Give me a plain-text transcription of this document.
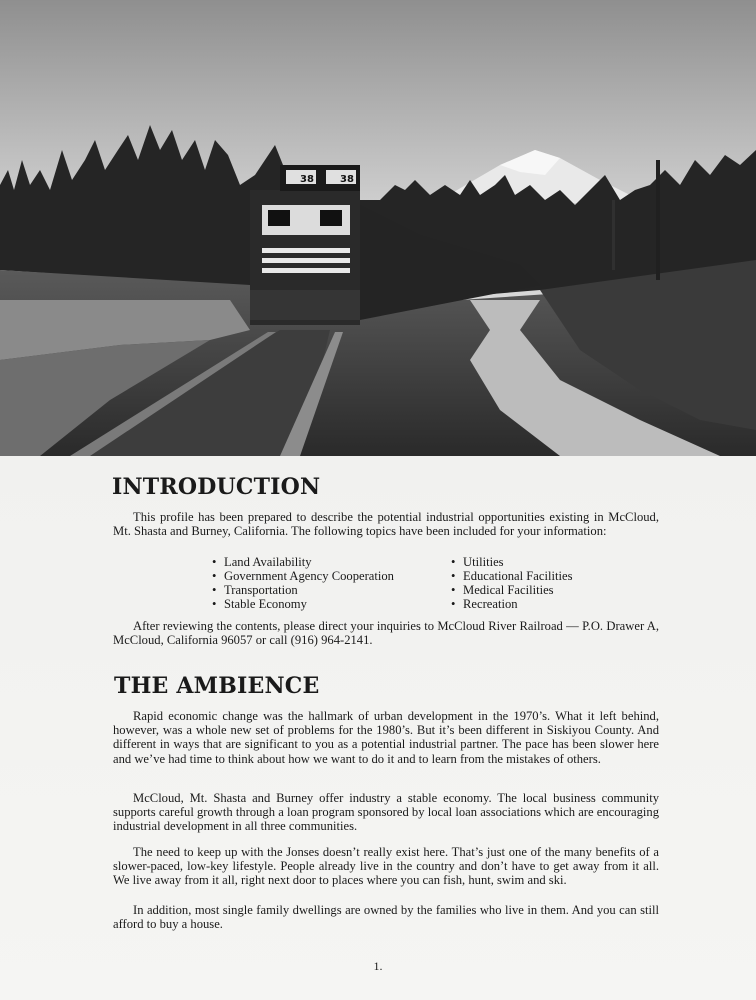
38	38
INTRODUCTION

This profile has been prepared to describe the potential industrial opportunities existing in McCloud, Mt. Shasta and Burney, California. The following topics have been included for your information:

• Land Availability
• Government Agency Cooperation
• Transportation
• Stable Economy
• Utilities
• Educational Facilities
• Medical Facilities
• Recreation

After reviewing the contents, please direct your inquiries to McCloud River Railroad — P.O. Drawer A, McCloud, California 96057 or call (916) 964-2141.

THE AMBIENCE

Rapid economic change was the hallmark of urban development in the 1970’s. What it left behind, however, was a whole new set of problems for the 1980’s. But it’s been different in Siskiyou County. And different in ways that are significant to you as a potential industrial partner. The pace has been slower here and we’ve had time to think about how we want to do it and to learn from the mistakes of others.

McCloud, Mt. Shasta and Burney offer industry a stable economy. The local business community supports careful growth through a loan program sponsored by local loan associations which are encouraging industrial development in all three communities.

The need to keep up with the Jonses doesn’t really exist here. That’s just one of the many benefits of a slower-paced, low-key lifestyle. People already live in the country and don’t have to get away from it all. We live away from it all, right next door to places where you can fish, hunt, swim and ski.

In addition, most single family dwellings are owned by the families who live in them. And you can still afford to buy a house.

1.
